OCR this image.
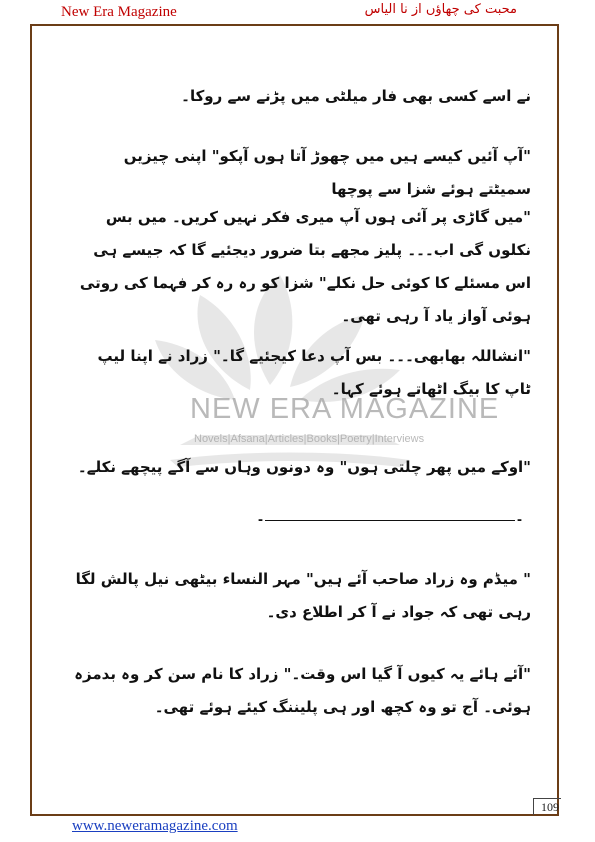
New Era Magazine	محبت کی چھاؤں از نا الیاس
NEW ERA MAGAZINE
Novels|Afsana|Articles|Books|Poetry|Interviews

نے اسے کسی بھی فار میلٹی میں پڑنے سے روکا۔

"آپ آئیں کیسے ہیں میں چھوڑ آتا ہوں آپکو" اپنی چیزیں سمیٹتے ہوئے شزا سے پوچھا

"میں گاڑی پر آئی ہوں آپ میری فکر نہیں کریں۔ میں بس نکلوں گی اب۔۔۔ پلیز مجھے بتا ضرور دیجئیے گا کہ جیسے ہی اس مسئلے کا کوئی حل نکلے" شزا کو رہ رہ کر فہما کی روتی ہوئی آواز یاد آ رہی تھی۔

"انشاللہ بھابھی۔۔۔ بس آپ دعا کیجئیے گا۔" زراد نے اپنا لیپ ٹاپ کا بیگ اٹھاتے ہوئے کہا۔

"اوکے میں پھر چلتی ہوں" وہ دونوں وہاں سے آگے پیچھے نکلے۔

-	-

" میڈم وہ زراد صاحب آئے ہیں" مہر النساء بیٹھی نیل پالش لگا رہی تھی کہ جواد نے آ کر اطلاع دی۔

"آئے ہائے یہ کیوں آ گیا اس وقت۔" زراد کا نام سن کر وہ بدمزہ ہوئی۔ آج تو وہ کچھ اور ہی پلیننگ کیئے ہوئے تھی۔

109
www.neweramagazine.com
